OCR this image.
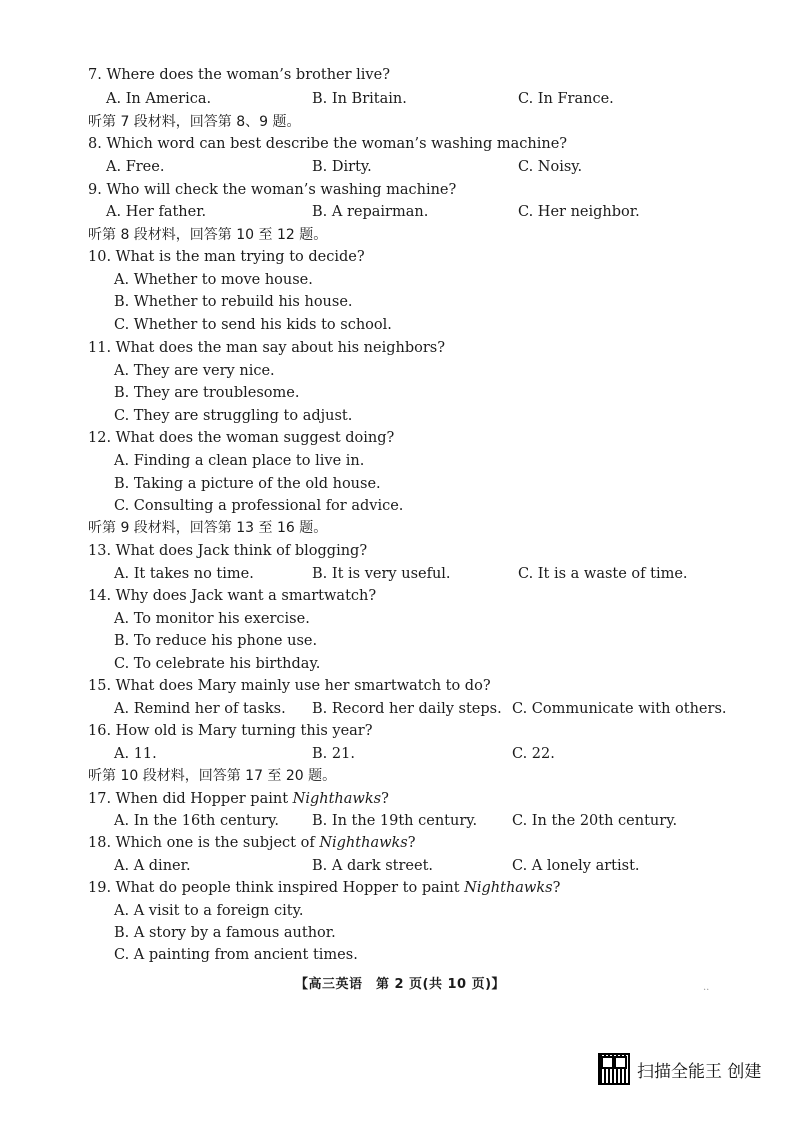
7. Where does the woman’s brother live?
A. In America.	B. In Britain.	C. In France.
听第 7 段材料，回答第 8、9 题。
8. Which word can best describe the woman’s washing machine?
A. Free.	B. Dirty.	C. Noisy.
9. Who will check the woman’s washing machine?
A. Her father.	B. A repairman.	C. Her neighbor.
听第 8 段材料，回答第 10 至 12 题。
10. What is the man trying to decide?
A. Whether to move house.
B. Whether to rebuild his house.
C. Whether to send his kids to school.
11. What does the man say about his neighbors?
A. They are very nice.
B. They are troublesome.
C. They are struggling to adjust.
12. What does the woman suggest doing?
A. Finding a clean place to live in.
B. Taking a picture of the old house.
C. Consulting a professional for advice.
听第 9 段材料，回答第 13 至 16 题。
13. What does Jack think of blogging?
A. It takes no time.	B. It is very useful.	C. It is a waste of time.
14. Why does Jack want a smartwatch?
A. To monitor his exercise.
B. To reduce his phone use.
C. To celebrate his birthday.
15. What does Mary mainly use her smartwatch to do?
A. Remind her of tasks. B. Record her daily steps. C. Communicate with others.
16. How old is Mary turning this year?
A. 11.	B. 21.	C. 22.
听第 10 段材料，回答第 17 至 20 题。
17. When did Hopper paint Nighthawks?
A. In the 16th century. B. In the 19th century. C. In the 20th century.
18. Which one is the subject of Nighthawks?
A. A diner.	B. A dark street.	C. A lonely artist.
19. What do people think inspired Hopper to paint Nighthawks?
A. A visit to a foreign city.
B. A story by a famous author.
C. A painting from ancient times.
【高三英语　第 2 页(共 10 页)】	..
扫描全能王 创建
